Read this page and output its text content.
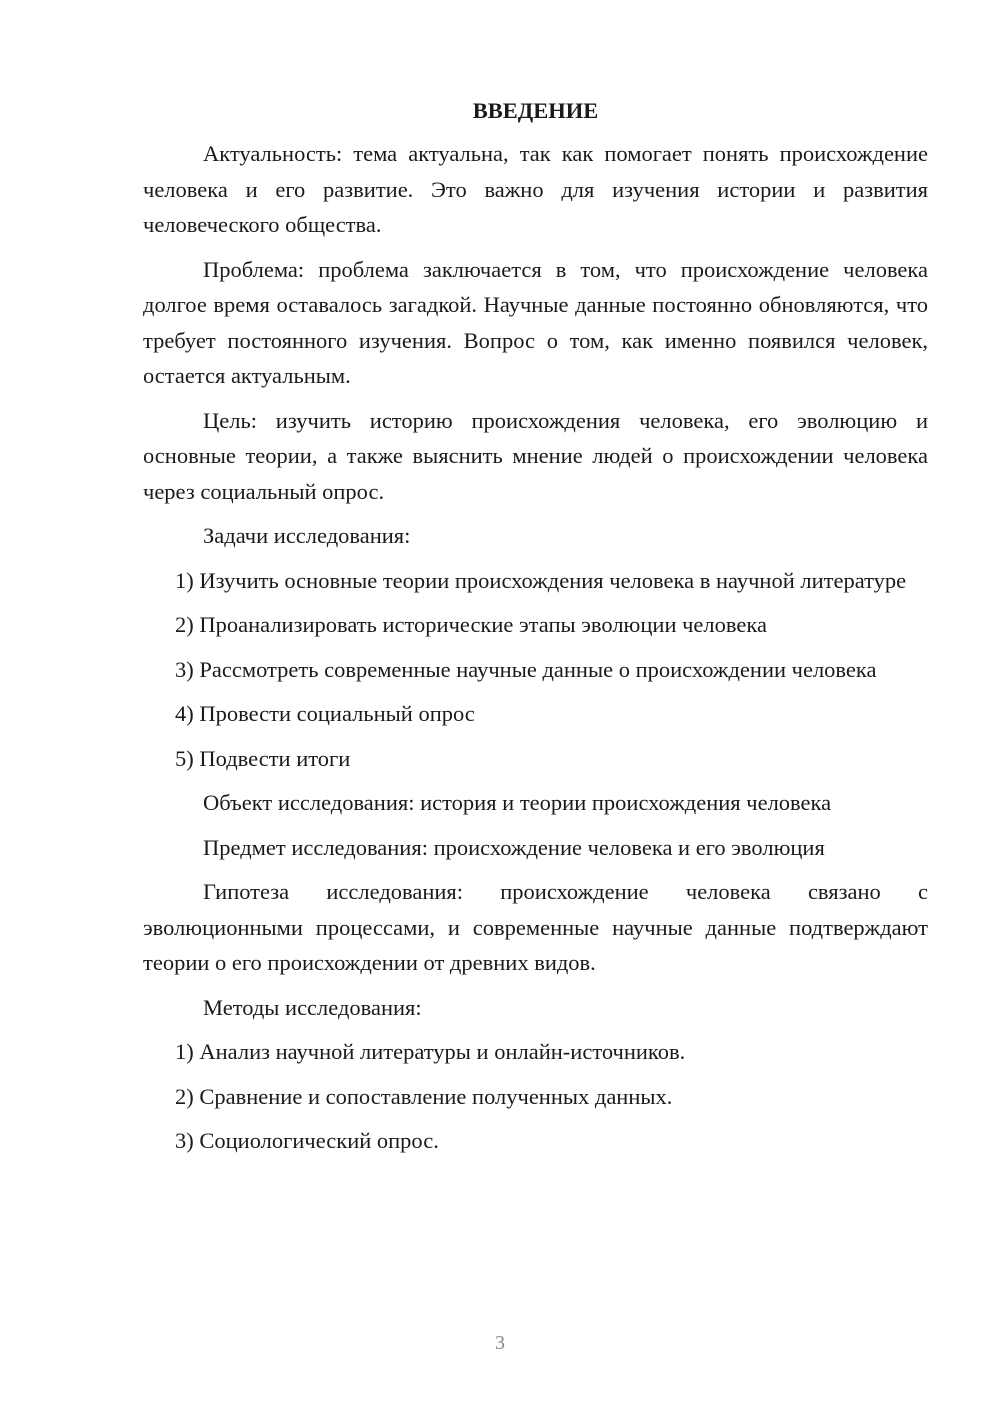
ВВЕДЕНИЕ

Актуальность: тема актуальна, так как помогает понять происхождение человека и его развитие. Это важно для изучения истории и развития человеческого общества.

Проблема: проблема заключается в том, что происхождение человека долгое время оставалось загадкой. Научные данные постоянно обновляются, что требует постоянного изучения. Вопрос о том, как именно появился человек, остается актуальным.

Цель: изучить историю происхождения человека, его эволюцию и основные теории, а также выяснить мнение людей о происхождении человека через социальный опрос.

Задачи исследования:

1) Изучить основные теории происхождения человека в научной литературе

2) Проанализировать исторические этапы эволюции человека

3) Рассмотреть современные научные данные о происхождении человека

4) Провести социальный опрос

5) Подвести итоги

Объект исследования: история и теории происхождения человека

Предмет исследования: происхождение человека и его эволюция

Гипотеза исследования: происхождение человека связано с эволюционными процессами, и современные научные данные подтверждают теории о его происхождении от древних видов.

Методы исследования:

1) Анализ научной литературы и онлайн-источников.

2) Сравнение и сопоставление полученных данных.

3) Социологический опрос.

3
